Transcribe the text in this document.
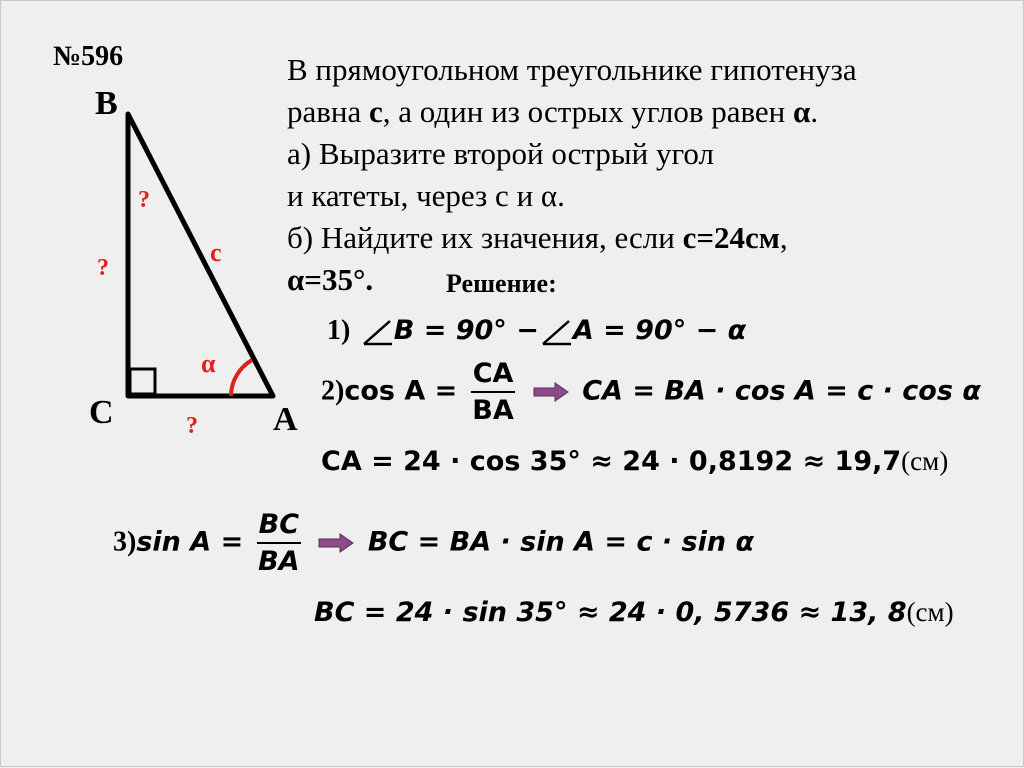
№596
B
C	A
?
?
?
c
α
В прямоугольном треугольнике гипотенуза
равна с, а один из острых углов равен α.
а) Выразите второй острый угол
и катеты, через с и α.
б) Найдите их значения, если с=24см,
α=35°.	Решение:
1) B = 90° − A = 90° − α
2)cos $A = \frac{CA}{BA}$ CA = BA · cos A = c · cos α
CA = 24 · cos 35° ≈ 24 · 0,8192 ≈ 19,7(см)
3)sin $A = \frac{BC}{BA}$ BC = BA · sin A = c · sin α
BC = 24 · sin 35° ≈ 24 · 0, 5736 ≈ 13, 8(см)
